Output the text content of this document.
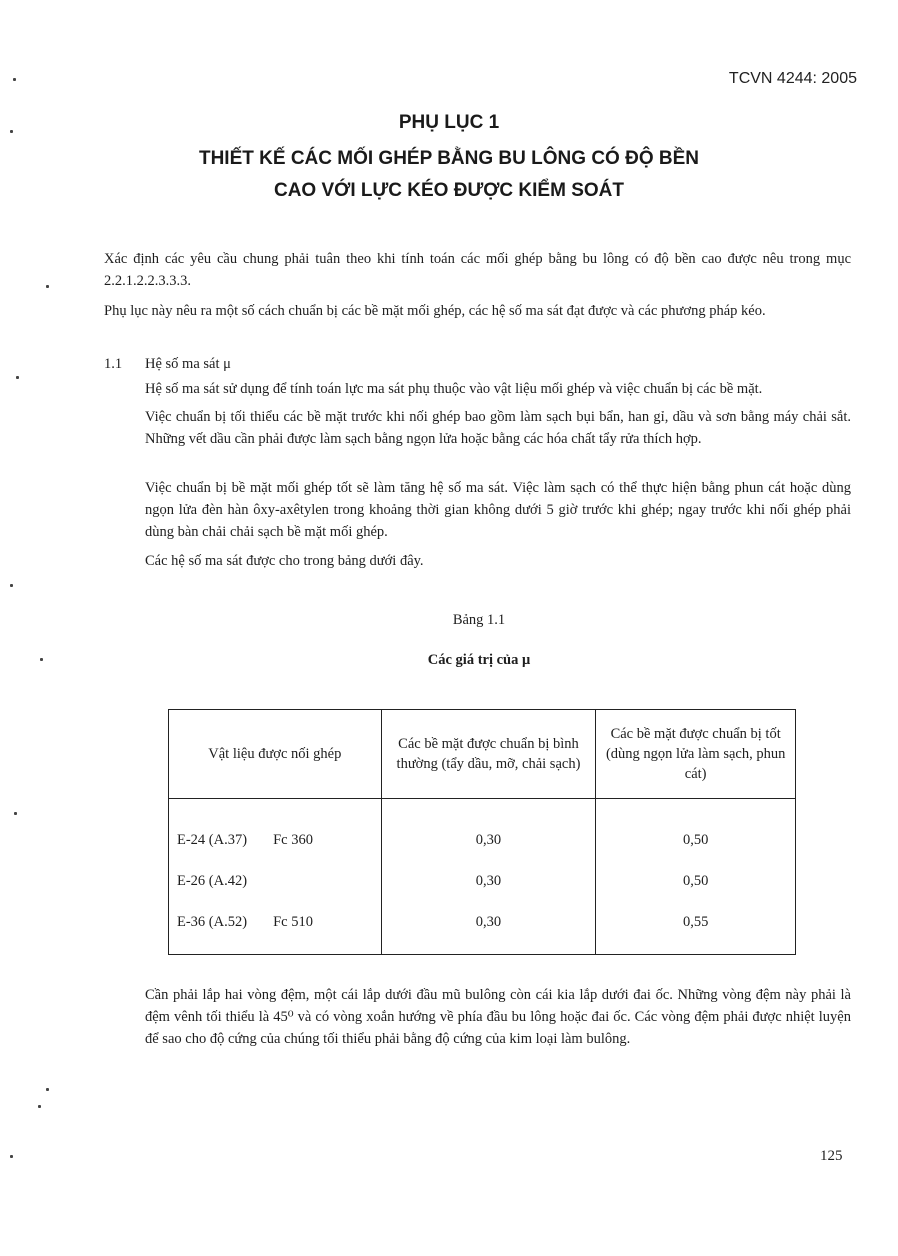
TCVN 4244: 2005
PHỤ LỤC 1
THIẾT KẾ CÁC MỐI GHÉP BẰNG BU LÔNG CÓ ĐỘ BỀN
CAO VỚI LỰC KÉO ĐƯỢC KIỂM SOÁT

Xác định các yêu cầu chung phải tuân theo khi tính toán các mối ghép bằng bu lông có độ bền cao được nêu trong mục 2.2.1.2.2.3.3.3.

Phụ lục này nêu ra một số cách chuẩn bị các bề mặt mối ghép, các hệ số ma sát đạt được và các phương pháp kéo.

1.1 Hệ số ma sát μ

Hệ số ma sát sử dụng để tính toán lực ma sát phụ thuộc vào vật liệu mối ghép và việc chuẩn bị các bề mặt.

Việc chuẩn bị tối thiểu các bề mặt trước khi nối ghép bao gồm làm sạch bụi bẩn, han gỉ, dầu và sơn bằng máy chải sắt. Những vết dầu cần phải được làm sạch bằng ngọn lửa hoặc bằng các hóa chất tẩy rửa thích hợp.

Việc chuẩn bị bề mặt mối ghép tốt sẽ làm tăng hệ số ma sát. Việc làm sạch có thể thực hiện bằng phun cát hoặc dùng ngọn lửa đèn hàn ôxy-axêtylen trong khoảng thời gian không dưới 5 giờ trước khi ghép; ngay trước khi nối ghép phải dùng bàn chải chải sạch bề mặt mối ghép.

Các hệ số ma sát được cho trong bảng dưới đây.

Bảng 1.1
Các giá trị của μ
Vật liệu được nối ghép	Các bề mặt được chuẩn bị bình thường (tẩy dầu, mỡ, chải sạch)	Các bề mặt được chuẩn bị tốt (dùng ngọn lửa làm sạch, phun cát)
E-24 (A.37) Fc 360	0,30	0,50
E-26 (A.42)	0,30	0,50
E-36 (A.52) Fc 510	0,30	0,55

Cần phải lắp hai vòng đệm, một cái lắp dưới đầu mũ bulông còn cái kia lắp dưới đai ốc. Những vòng đệm này phải là đệm vênh tối thiểu là 45⁰ và có vòng xoắn hướng về phía đầu bu lông hoặc đai ốc. Các vòng đệm phải được nhiệt luyện để sao cho độ cứng của chúng tối thiểu phải bằng độ cứng của kim loại làm bulông.

125
